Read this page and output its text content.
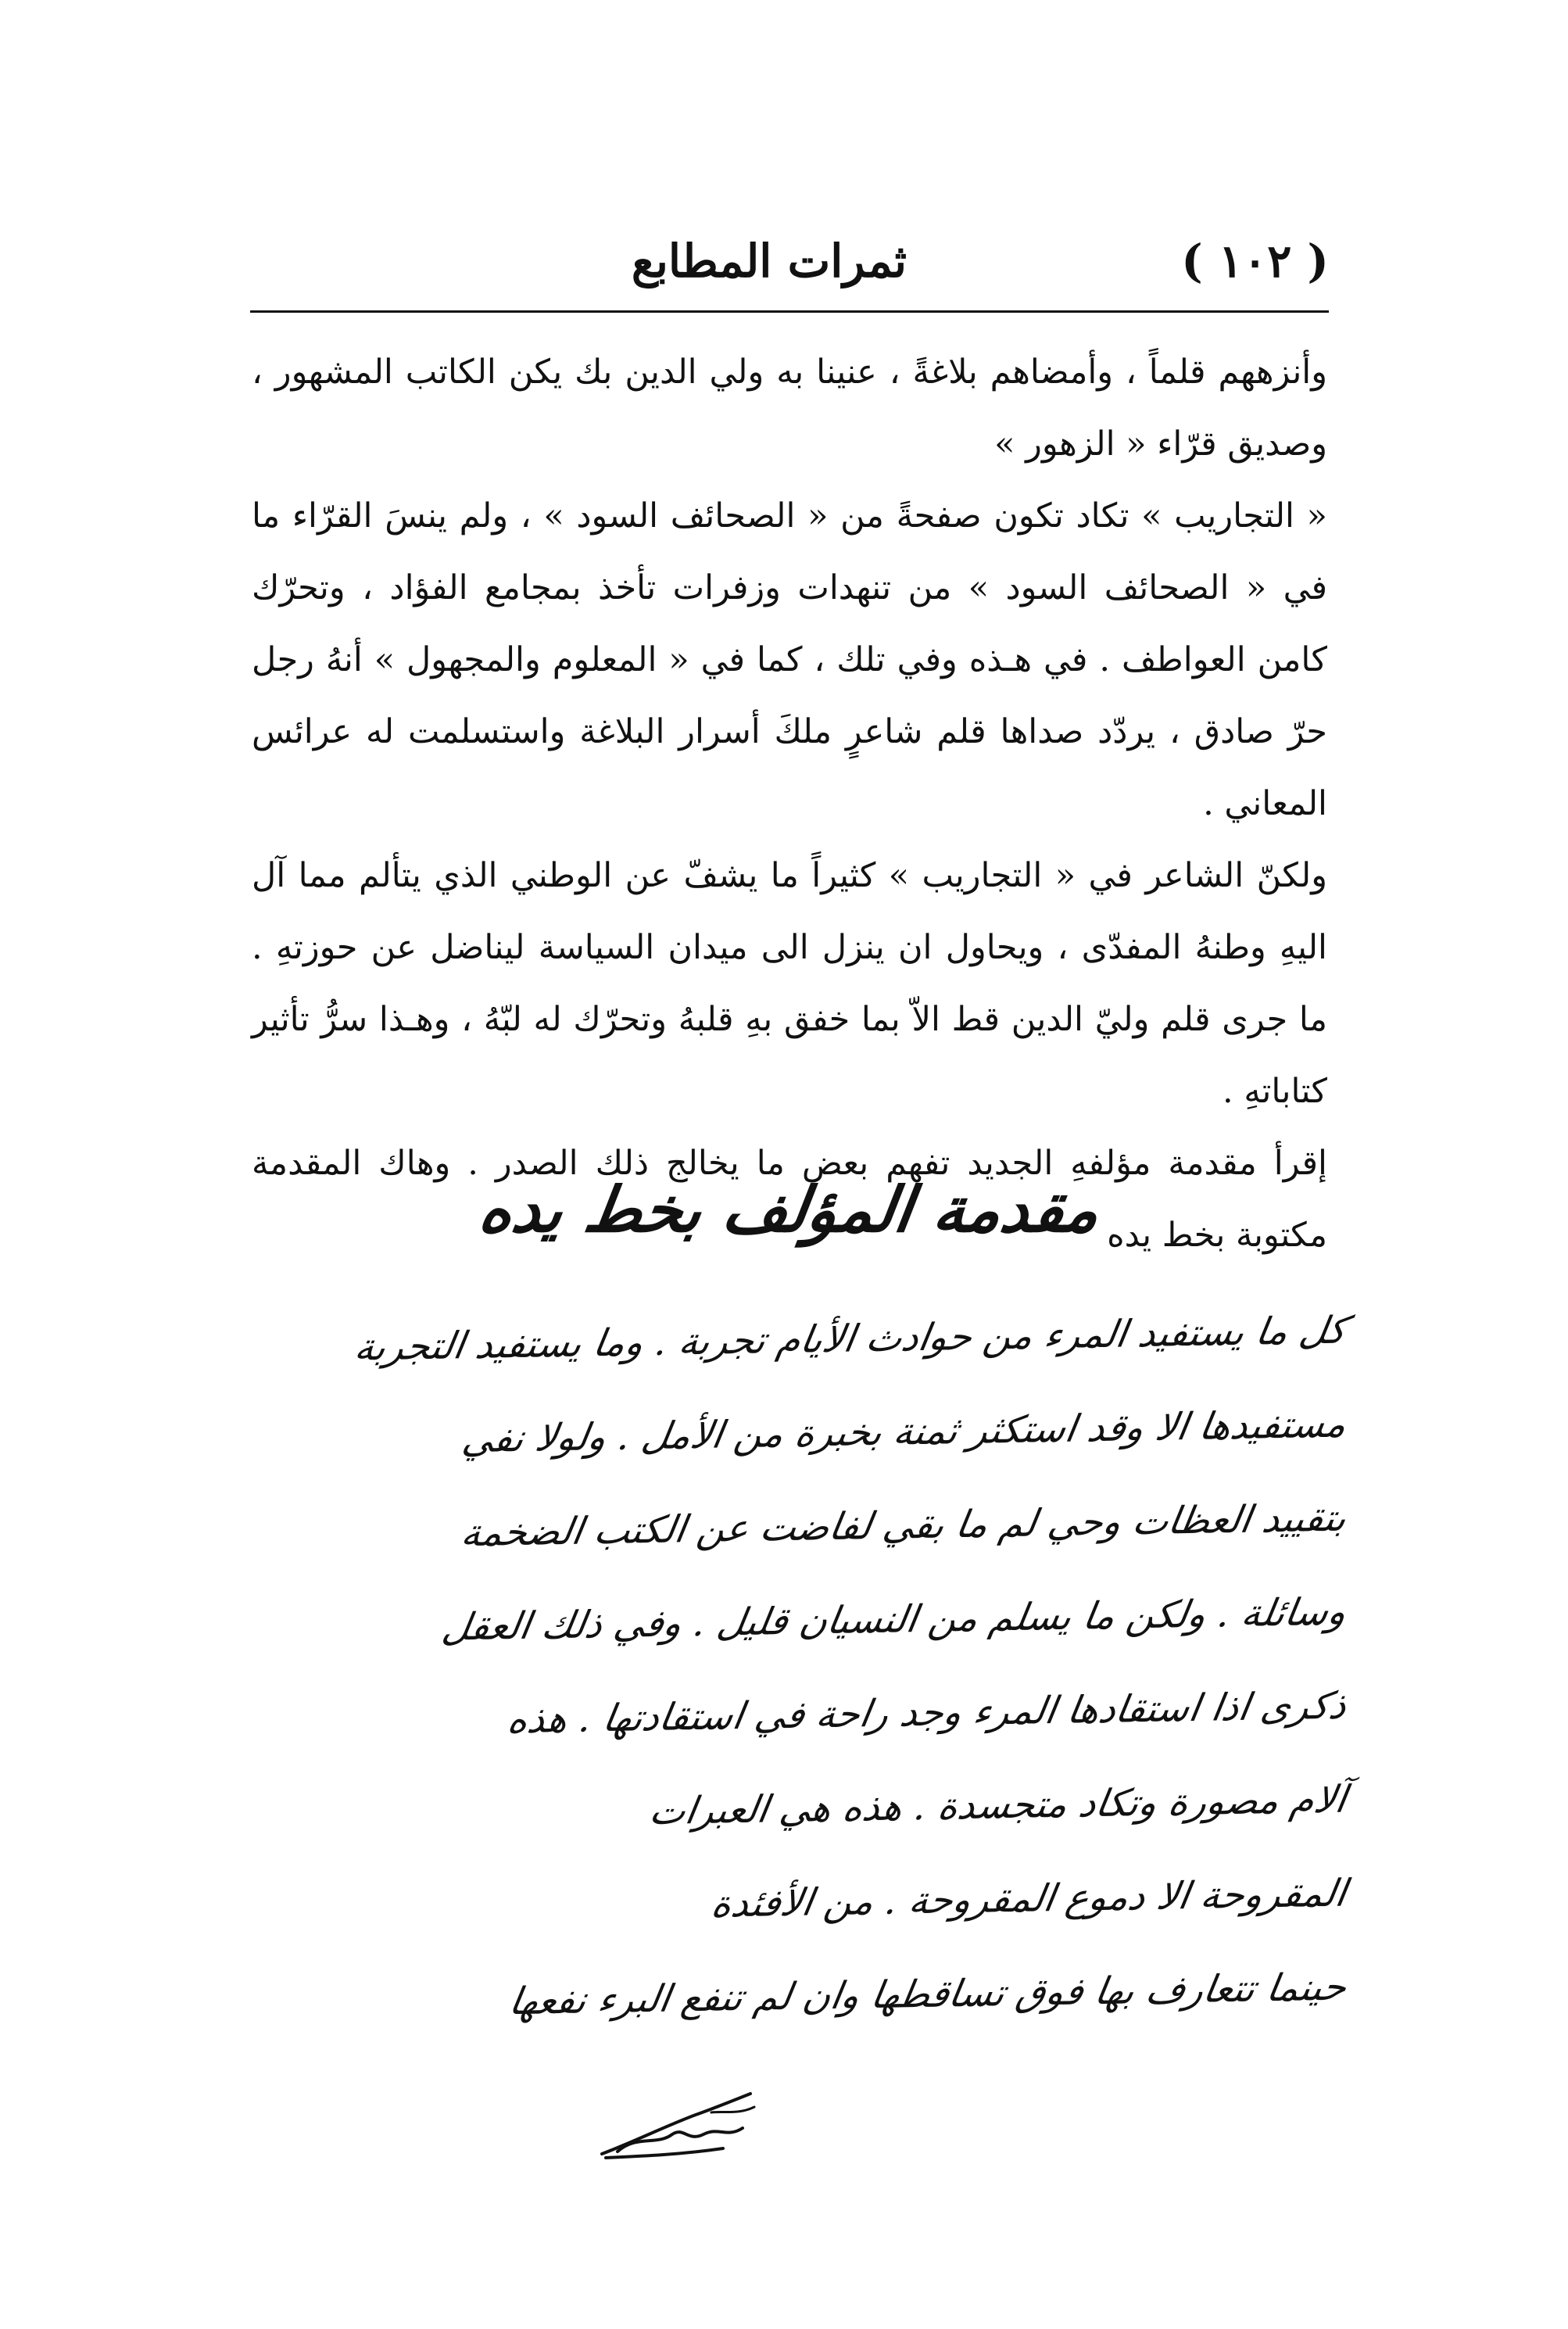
ثمرات المطابع	( ١٠٢ )

وأنزههم قلماً ، وأمضاهم بلاغةً ، عنينا به ولي الدين بك يكن الكاتب المشهور ، وصديق قرّاء « الزهور »

« التجاريب » تكاد تكون صفحةً من « الصحائف السود » ، ولم ينسَ القرّاء ما في « الصحائف السود » من تنهدات وزفرات تأخذ بمجامع الفؤاد ، وتحرّك كامن العواطف . في هـذه وفي تلك ، كما في « المعلوم والمجهول » أنهُ رجل حرّ صادق ، يردّد صداها قلم شاعرٍ ملكَ أسرار البلاغة واستسلمت له عرائس المعاني .

ولكنّ الشاعر في « التجاريب » كثيراً ما يشفّ عن الوطني الذي يتألم مما آل اليهِ وطنهُ المفدّى ، ويحاول ان ينزل الى ميدان السياسة ليناضل عن حوزتهِ . ما جرى قلم وليّ الدين قط الاّ بما خفق بهِ قلبهُ وتحرّك له لبّهُ ، وهـذا سرُّ تأثير كتاباتهِ .

إقرأ مقدمة مؤلفهِ الجديد تفهم بعض ما يخالج ذلك الصدر . وهاك المقدمة مكتوبة بخط يده

مقدمة المؤلف بخط يده
كل ما يستفيد المرء من حوادث الأيام تجربة . وما يستفيد التجربة
مستفيدها الا وقد استكثر ثمنة بخبرة من الأمل . ولولا نفي
بتقييد العظات وحي لم ما بقي لفاضت عن الكتب الضخمة
وسائلة . ولكن ما يسلم من النسيان قليل . وفي ذلك العقل
ذكرى اذا استقادها المرء وجد راحة في استقادتها . هذه
آلام مصورة وتكاد متجسدة . هذه هي العبرات
المقروحة الا دموع المقروحة . من الأفئدة
حينما تتعارف بها فوق تساقطها وان لم تنفع البرء نفعها
